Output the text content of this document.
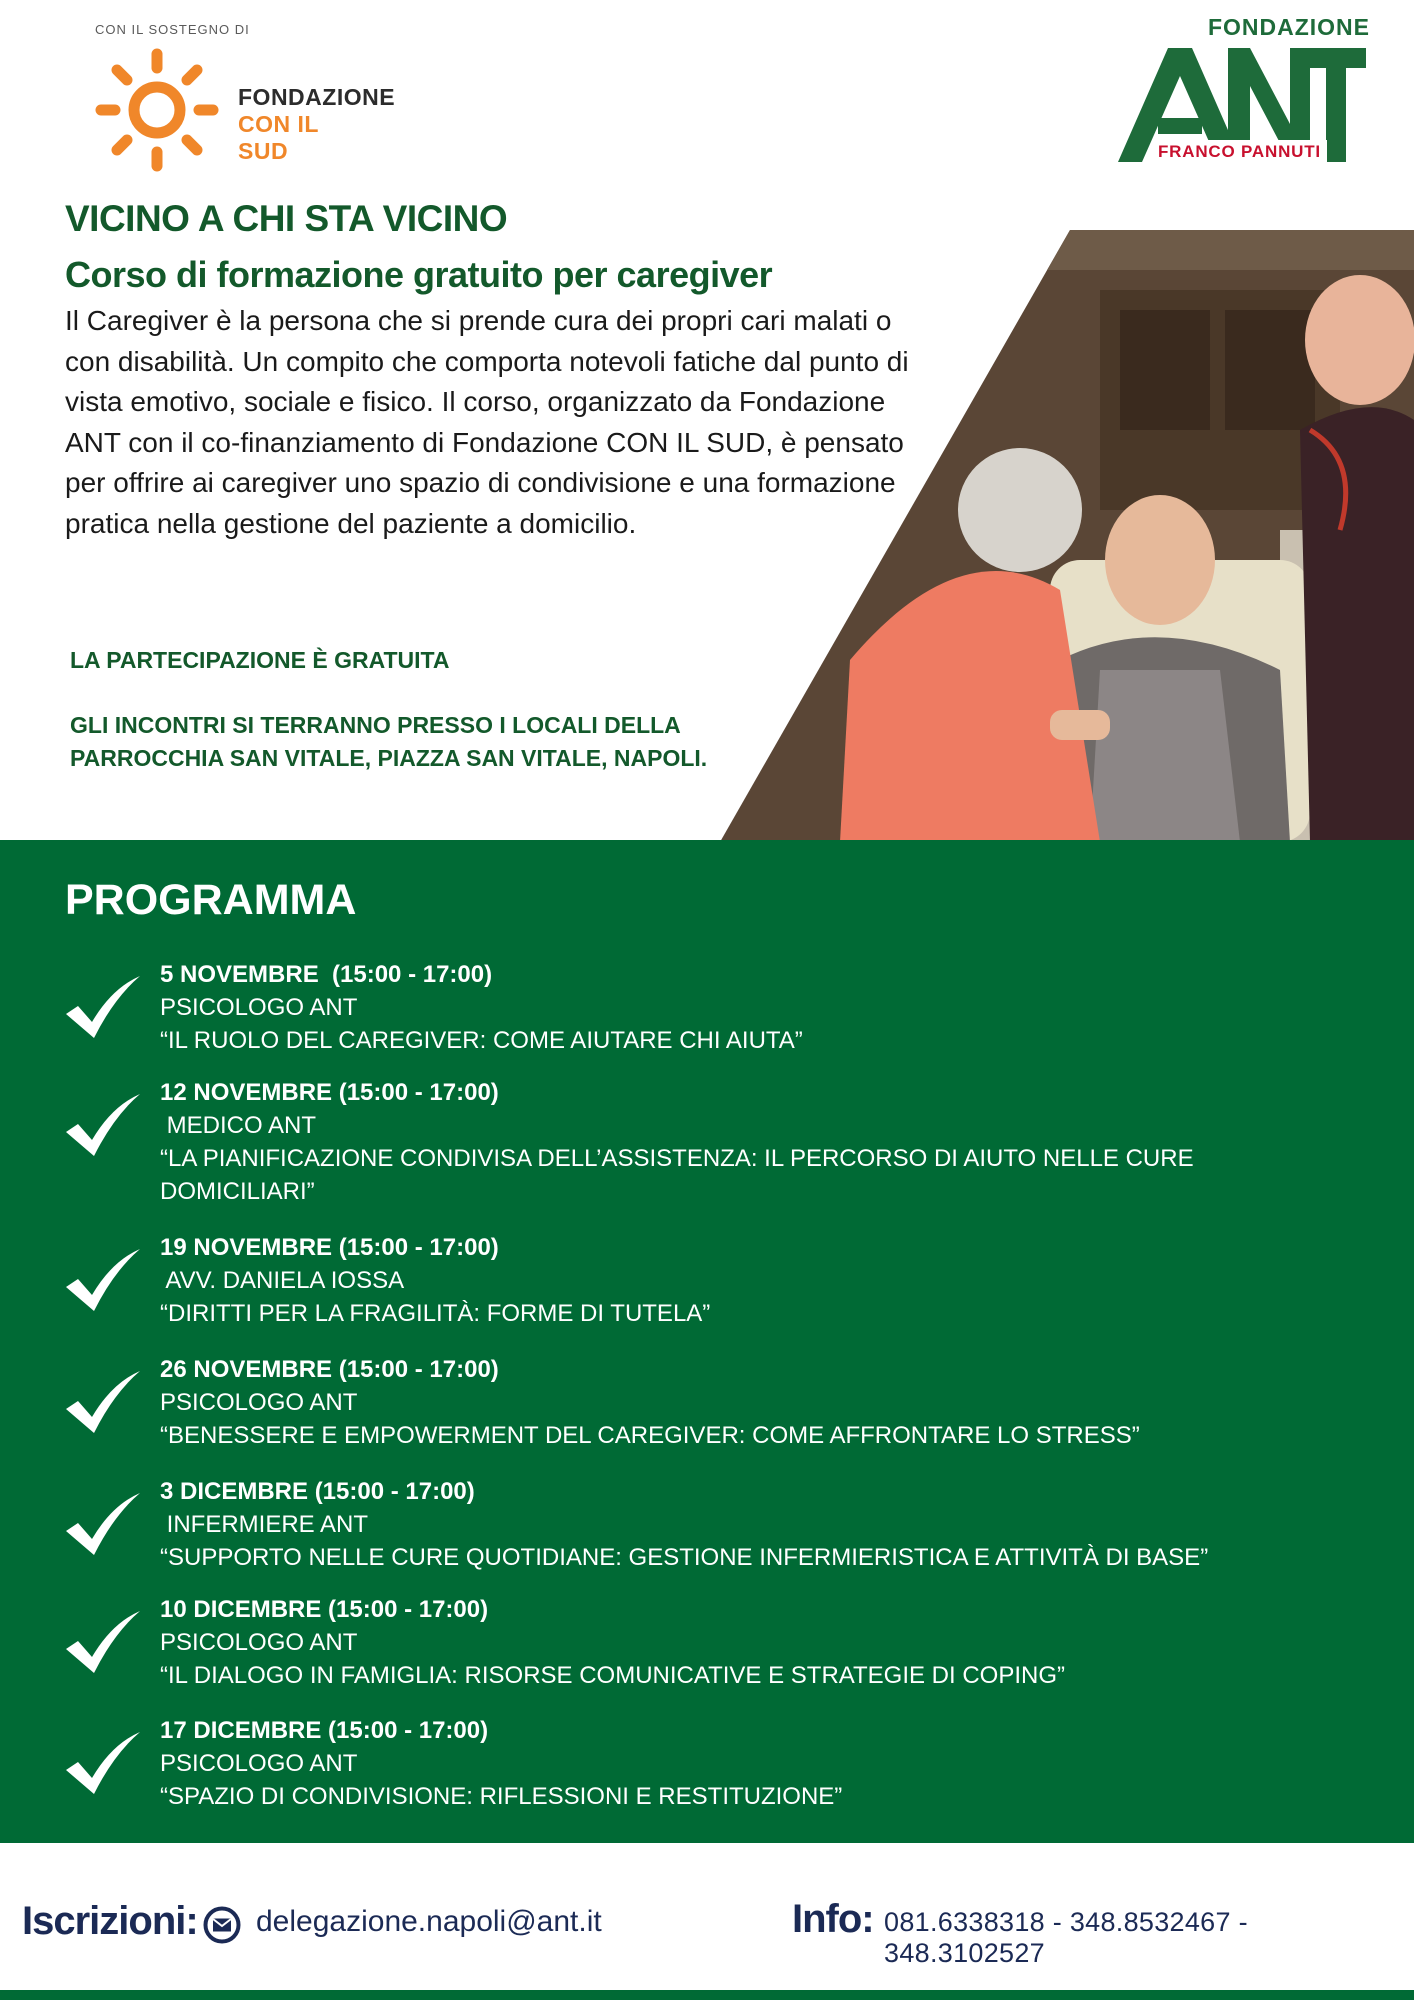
CON IL SOSTEGNO DI
FONDAZIONE
CON IL SUD
FONDAZIONE
FRANCO PANNUTI
VICINO A CHI STA VICINO
Corso di formazione gratuito per caregiver

Il Caregiver è la persona che si prende cura dei propri cari malati o con disabilità. Un compito che comporta notevoli fatiche dal punto di vista emotivo, sociale e fisico. Il corso, organizzato da Fondazione ANT con il co-finanziamento di Fondazione CON IL SUD, è pensato per offrire ai caregiver uno spazio di condivisione e una formazione pratica nella gestione del paziente a domicilio.

LA PARTECIPAZIONE È GRATUITA
GLI INCONTRI SI TERRANNO PRESSO I LOCALI DELLA PARROCCHIA SAN VITALE, PIAZZA SAN VITALE, NAPOLI.
PROGRAMMA
5 NOVEMBRE  (15:00 - 17:00)
PSICOLOGO ANT
“IL RUOLO DEL CAREGIVER: COME AIUTARE CHI AIUTA”
12 NOVEMBRE (15:00 - 17:00)
MEDICO ANT
“LA PIANIFICAZIONE CONDIVISA DELL’ASSISTENZA: IL PERCORSO DI AIUTO NELLE CURE DOMICILIARI”
19 NOVEMBRE (15:00 - 17:00)
AVV. DANIELA IOSSA
“DIRITTI PER LA FRAGILITÀ: FORME DI TUTELA”
26 NOVEMBRE (15:00 - 17:00)
PSICOLOGO ANT
“BENESSERE E EMPOWERMENT DEL CAREGIVER: COME AFFRONTARE LO STRESS”
3 DICEMBRE (15:00 - 17:00)
INFERMIERE ANT
“SUPPORTO NELLE CURE QUOTIDIANE: GESTIONE INFERMIERISTICA E ATTIVITÀ DI BASE”
10 DICEMBRE (15:00 - 17:00)
PSICOLOGO ANT
“IL DIALOGO IN FAMIGLIA: RISORSE COMUNICATIVE E STRATEGIE DI COPING”
17 DICEMBRE (15:00 - 17:00)
PSICOLOGO ANT
“SPAZIO DI CONDIVISIONE: RIFLESSIONI E RESTITUZIONE”
Iscrizioni: delegazione.napoli@ant.it	Info: 081.6338318 - 348.8532467 - 348.3102527
